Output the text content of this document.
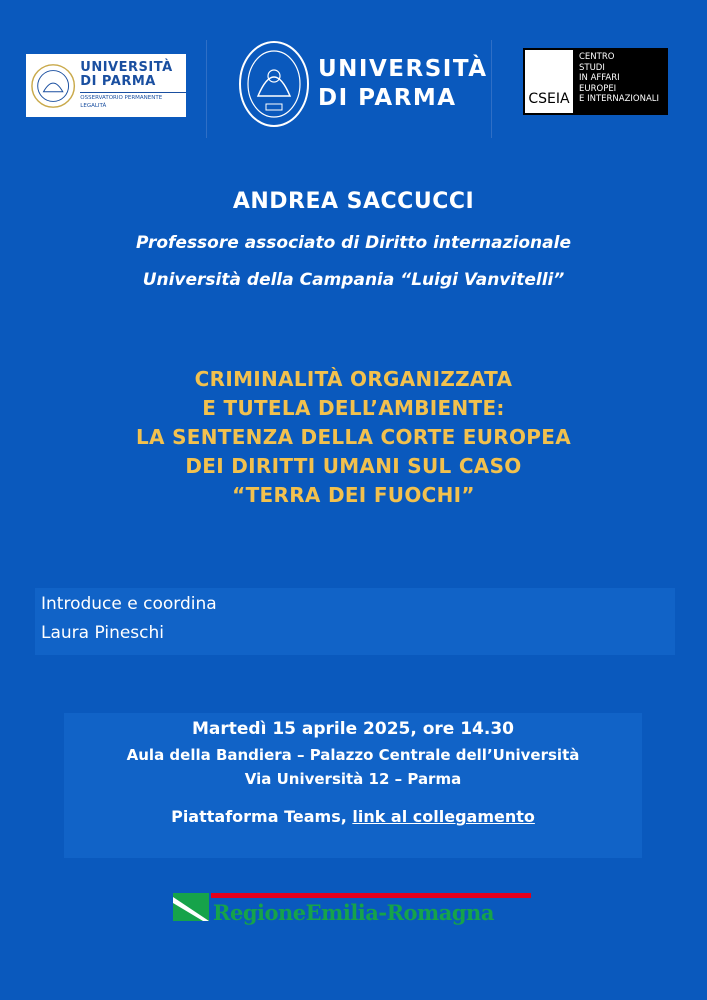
UNIVERSITÀ
DI PARMA
OSSERVATORIO PERMANENTE LEGALITÀ
UNIVERSITÀ
DI PARMA	CSEIA
CENTRO
STUDI
IN AFFARI
EUROPEI
E INTERNAZIONALI
ANDREA SACCUCCI
Professore associato di Diritto internazionale
Università della Campania “Luigi Vanvitelli”
CRIMINALITÀ ORGANIZZATA
E TUTELA DELL’AMBIENTE:
LA SENTENZA DELLA CORTE EUROPEA
DEI DIRITTI UMANI SUL CASO
“TERRA DEI FUOCHI”
Introduce e coordina
Laura Pineschi
Martedì 15 aprile 2025, ore 14.30
Aula della Bandiera – Palazzo Centrale dell’Università
Via Università 12 – Parma
Piattaforma Teams, link al collegamento
RegioneEmilia-Romagna
